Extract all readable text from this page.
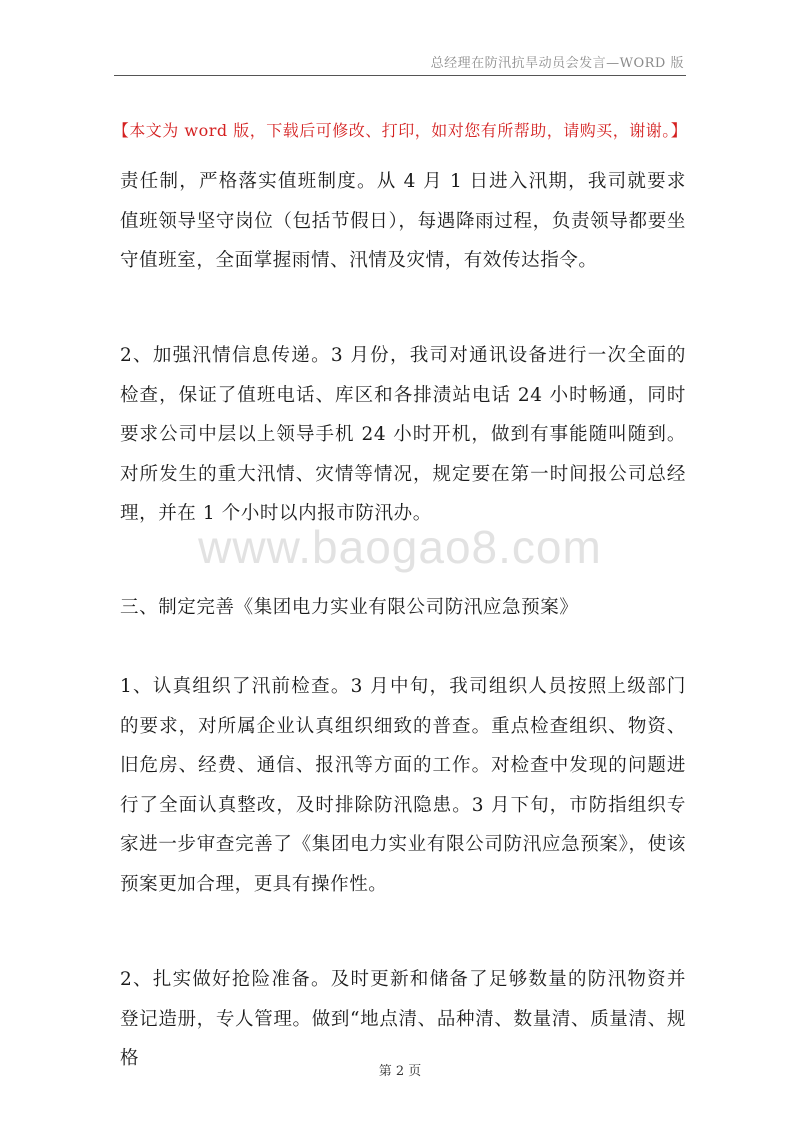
总经理在防汛抗旱动员会发言—WORD 版
【本文为 word 版，下载后可修改、打印，如对您有所帮助，请购买，谢谢。】
www.baogao8.com
责任制，严格落实值班制度。从 4 月 1 日进入汛期，我司就要求值班领导坚守岗位（包括节假日），每遇降雨过程，负责领导都要坐守值班室，全面掌握雨情、汛情及灾情，有效传达指令。
2、加强汛情信息传递。3 月份，我司对通讯设备进行一次全面的检查，保证了值班电话、库区和各排渍站电话 24 小时畅通，同时要求公司中层以上领导手机 24 小时开机，做到有事能随叫随到。对所发生的重大汛情、灾情等情况，规定要在第一时间报公司总经理，并在 1 个小时以内报市防汛办。
三、制定完善《集团电力实业有限公司防汛应急预案》
1、认真组织了汛前检查。3 月中旬，我司组织人员按照上级部门的要求，对所属企业认真组织细致的普查。重点检查组织、物资、旧危房、经费、通信、报汛等方面的工作。对检查中发现的问题进行了全面认真整改，及时排除防汛隐患。3 月下旬，市防指组织专家进一步审查完善了《集团电力实业有限公司防汛应急预案》，使该预案更加合理，更具有操作性。
2、扎实做好抢险准备。及时更新和储备了足够数量的防汛物资并登记造册，专人管理。做到“地点清、品种清、数量清、质量清、规格
第 2 页
